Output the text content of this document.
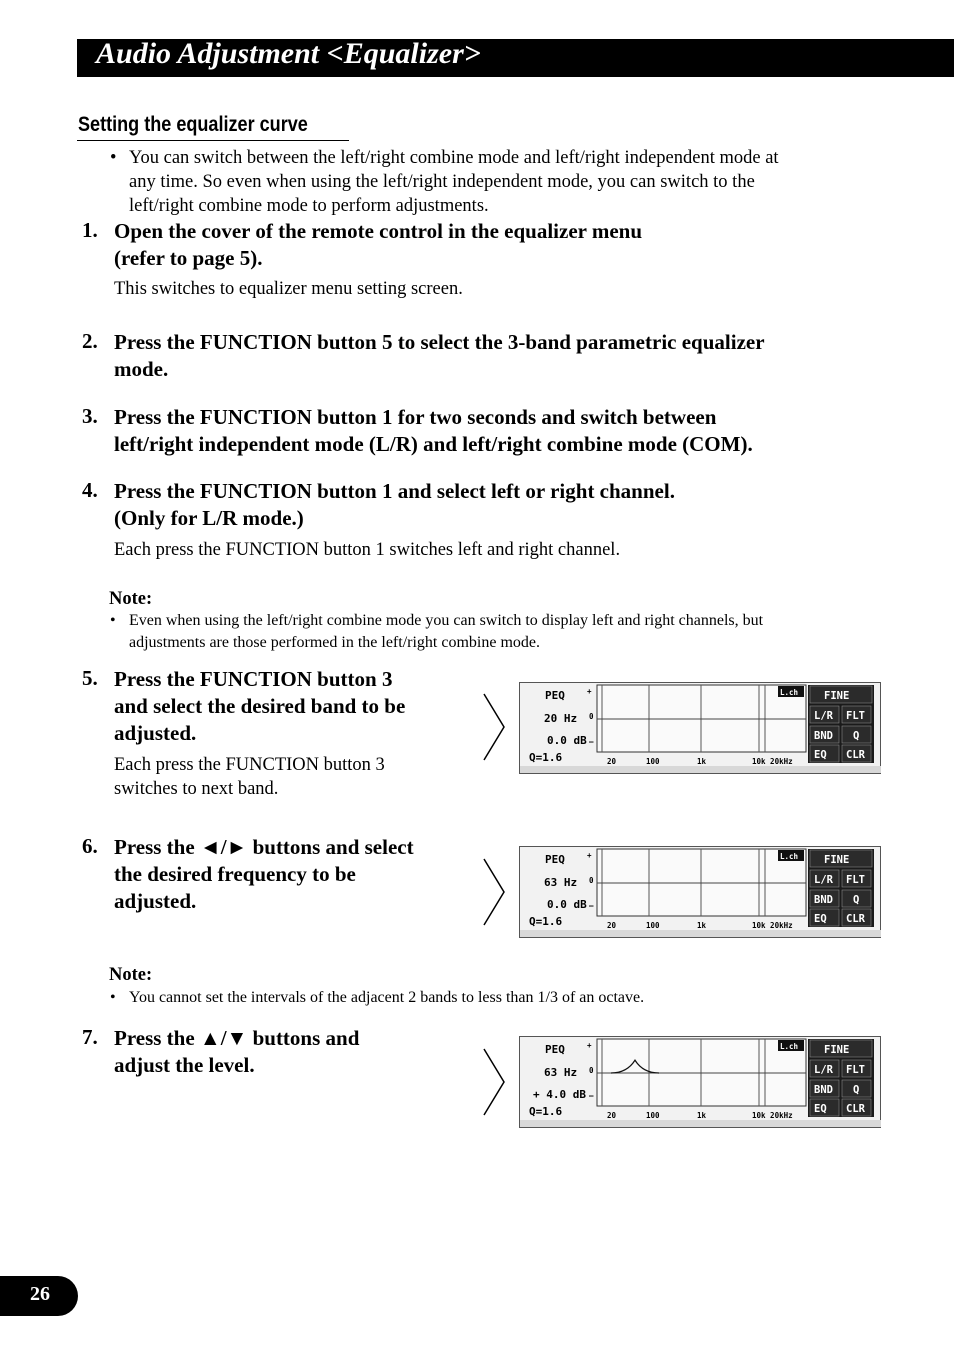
Audio Adjustment <Equalizer>
Setting the equalizer curve
• You can switch between the left/right combine mode and left/right independent mode at
any time. So even when using the left/right independent mode, you can switch to the
left/right combine mode to perform adjustments.
1. Open the cover of the remote control in the equalizer menu
(refer to page 5).
This switches to equalizer menu setting screen.
2. Press the FUNCTION button 5 to select the 3-band parametric equalizer
mode.
3. Press the FUNCTION button 1 for two seconds and switch between
left/right independent mode (L/R) and left/right combine mode (COM).
4. Press the FUNCTION button 1 and select left or right channel.
(Only for L/R mode.)
Each press the FUNCTION button 1 switches left and right channel.
Note:
• Even when using the left/right combine mode you can switch to display left and right channels, but
adjustments are those performed in the left/right combine mode.
5. Press the FUNCTION button 3
and select the desired band to be
adjusted.
Each press the FUNCTION button 3
switches to next band.
6. Press the ◄/► buttons and select
the desired frequency to be
adjusted.
Note:
• You cannot set the intervals of the adjacent 2 bands to less than 1/3 of an octave.
7. Press the ▲/▼ buttons and
adjust the level.
PEQ
20 Hz
0.0 dB
Q=1.6
+
0
–
20	100	1k	10k 20kHz
L.ch FINE
L/R FLT
BND Q
EQ CLR
PEQ
63 Hz
0.0 dB
Q=1.6
+
0
–
20	100	1k	10k 20kHz
L.ch FINE
L/R FLT
BND Q
EQ CLR
PEQ
63 Hz
+ 4.0 dB
Q=1.6
+
0
–
20	100	1k	10k 20kHz
L.ch FINE
L/R FLT
BND Q
EQ CLR
26
